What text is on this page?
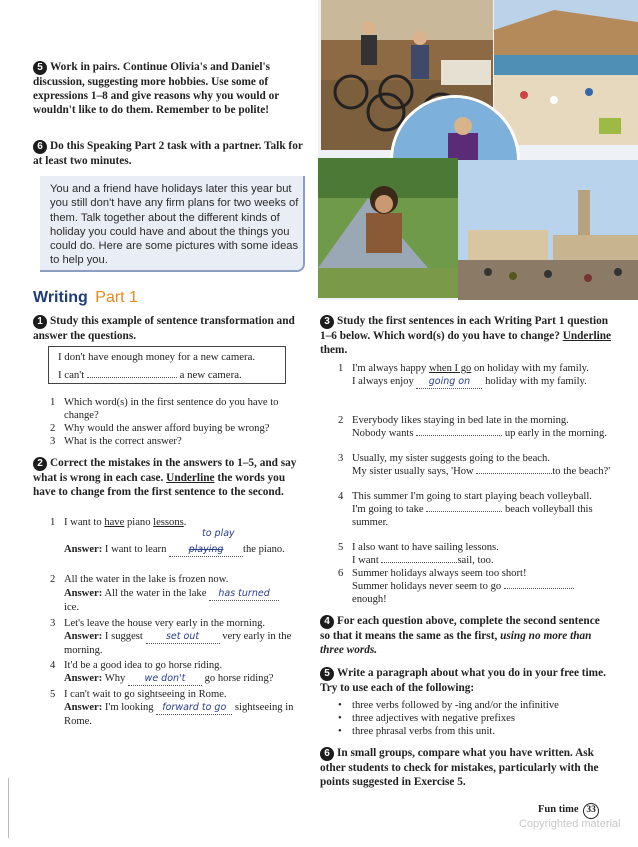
5 Work in pairs. Continue Olivia's and Daniel's discussion, suggesting more hobbies. Use some of expressions 1–8 and give reasons why you would or wouldn't like to do them. Remember to be polite!
6 Do this Speaking Part 2 task with a partner. Talk for at least two minutes.
You and a friend have holidays later this year but you still don't have any firm plans for two weeks of them. Talk together about the different kinds of holiday you could have and about the things you could do. Here are some pictures with some ideas to help you.
Writing Part 1
1 Study this example of sentence transformation and answer the questions.
I don't have enough money for a new camera.
I can't	a new camera.
1 Which word(s) in the first sentence do you have to change?
2 Why would the answer afford buying be wrong?
3 What is the correct answer?
2 Correct the mistakes in the answers to 1–5, and say what is wrong in each case. Underline the words you have to change from the first sentence to the second.
1 I want to have piano lessons.
to play
Answer: I want to learn playing the piano.
2 All the water in the lake is frozen now.
Answer: All the water in the lake has turned
ice.
3 Let's leave the house very early in the morning.
Answer: I suggest set out very early in the morning.
4 It'd be a good idea to go horse riding.
Answer: Why we don't go horse riding?
5 I can't wait to go sightseeing in Rome.
Answer: I'm looking forward to go sightseeing in Rome.
3 Study the first sentences in each Writing Part 1 question 1–6 below. Which word(s) do you have to change? Underline them.
1 I'm always happy when I go on holiday with my family.
I always enjoy going on holiday with my family.
2 Everybody likes staying in bed late in the morning.
Nobody wants	up early in the morning.
3 Usually, my sister suggests going to the beach.
My sister usually says, 'How	to the beach?'
4 This summer I'm going to start playing beach volleyball.
I'm going to take	beach volleyball this summer.
5 I also want to have sailing lessons.
I want	sail, too.
6 Summer holidays always seem too short!
Summer holidays never seem to go
enough!
4 For each question above, complete the second sentence so that it means the same as the first, using no more than three words.
5 Write a paragraph about what you do in your free time. Try to use each of the following:
• three verbs followed by -ing and/or the infinitive
• three adjectives with negative prefixes
• three phrasal verbs from this unit.
6 In small groups, compare what you have written. Ask other students to check for mistakes, particularly with the points suggested in Exercise 5.
Fun time 33
Copyrighted material
